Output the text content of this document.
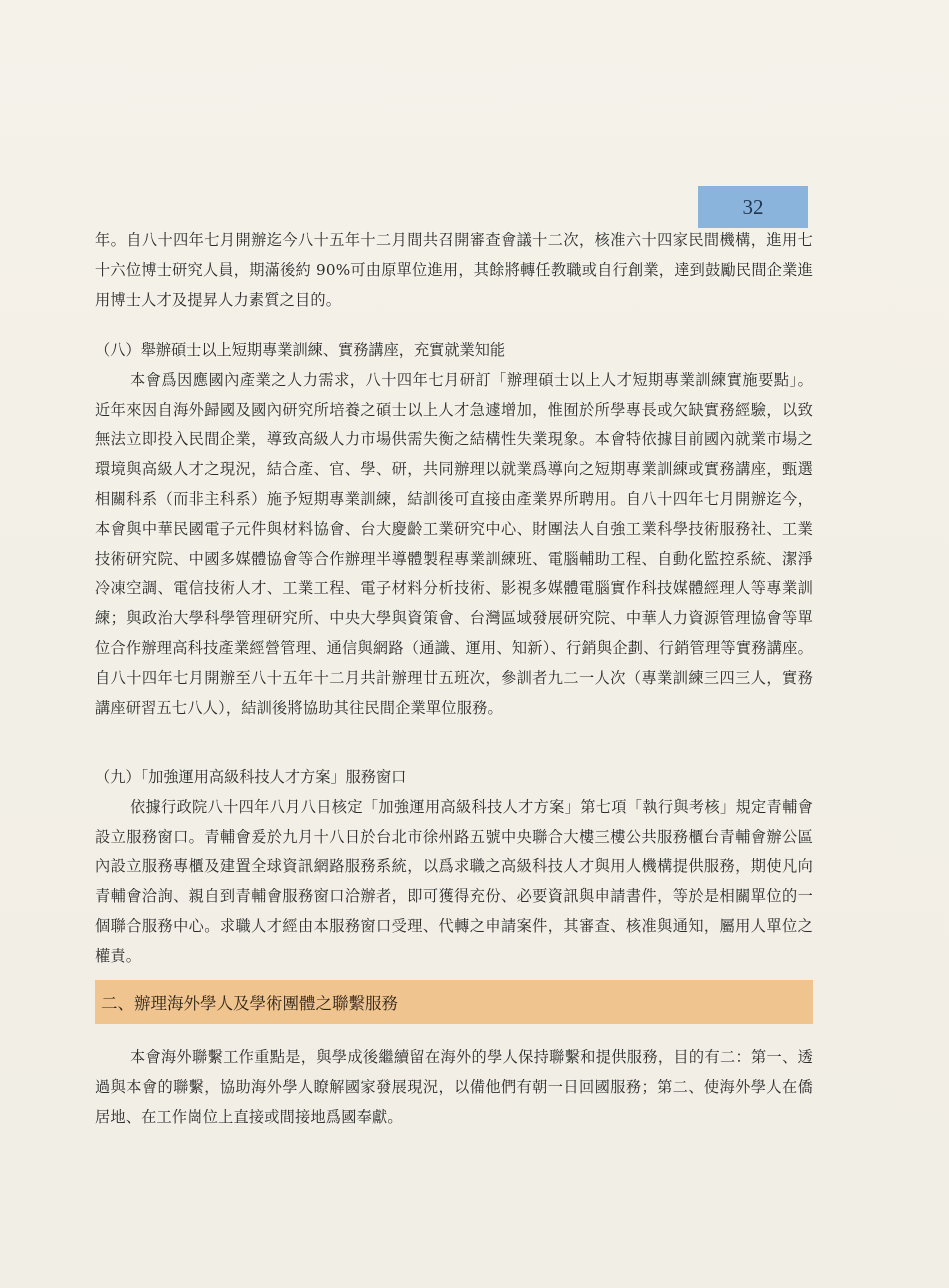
32

年。自八十四年七月開辦迄今八十五年十二月間共召開審查會議十二次，核准六十四家民間機構，進用七十六位博士研究人員，期滿後約 90%可由原單位進用，其餘將轉任教職或自行創業，達到鼓勵民間企業進用博士人才及提昇人力素質之目的。

（八）舉辦碩士以上短期專業訓練、實務講座，充實就業知能

本會爲因應國內產業之人力需求，八十四年七月研訂「辦理碩士以上人才短期專業訓練實施要點」。近年來因自海外歸國及國內研究所培養之碩士以上人才急遽增加，惟囿於所學專長或欠缺實務經驗，以致無法立即投入民間企業，導致高級人力市場供需失衡之結構性失業現象。本會特依據目前國內就業市場之環境與高級人才之現況，結合產、官、學、研，共同辦理以就業爲導向之短期專業訓練或實務講座，甄選相關科系（而非主科系）施予短期專業訓練，結訓後可直接由產業界所聘用。自八十四年七月開辦迄今，本會與中華民國電子元件與材料協會、台大慶齡工業研究中心、財團法人自強工業科學技術服務社、工業技術研究院、中國多媒體協會等合作辦理半導體製程專業訓練班、電腦輔助工程、自動化監控系統、潔淨冷凍空調、電信技術人才、工業工程、電子材料分析技術、影視多媒體電腦實作科技媒體經理人等專業訓練；與政治大學科學管理研究所、中央大學與資策會、台灣區域發展研究院、中華人力資源管理協會等單位合作辦理高科技產業經營管理、通信與網路（通識、運用、知新）、行銷與企劃、行銷管理等實務講座。自八十四年七月開辦至八十五年十二月共計辦理廿五班次，參訓者九二一人次（專業訓練三四三人，實務講座研習五七八人），結訓後將協助其往民間企業單位服務。

（九）「加強運用高級科技人才方案」服務窗口

依據行政院八十四年八月八日核定「加強運用高級科技人才方案」第七項「執行與考核」規定青輔會設立服務窗口。青輔會爰於九月十八日於台北市徐州路五號中央聯合大樓三樓公共服務櫃台青輔會辦公區內設立服務專櫃及建置全球資訊網路服務系統，以爲求職之高級科技人才與用人機構提供服務，期使凡向青輔會洽詢、親自到青輔會服務窗口洽辦者，即可獲得充份、必要資訊與申請書件，等於是相關單位的一個聯合服務中心。求職人才經由本服務窗口受理、代轉之申請案件，其審查、核准與通知，屬用人單位之權責。

二、辦理海外學人及學術團體之聯繫服務

本會海外聯繫工作重點是，與學成後繼續留在海外的學人保持聯繫和提供服務，目的有二：第一、透過與本會的聯繫，協助海外學人瞭解國家發展現況，以備他們有朝一日回國服務；第二、使海外學人在僑居地、在工作崗位上直接或間接地爲國奉獻。
